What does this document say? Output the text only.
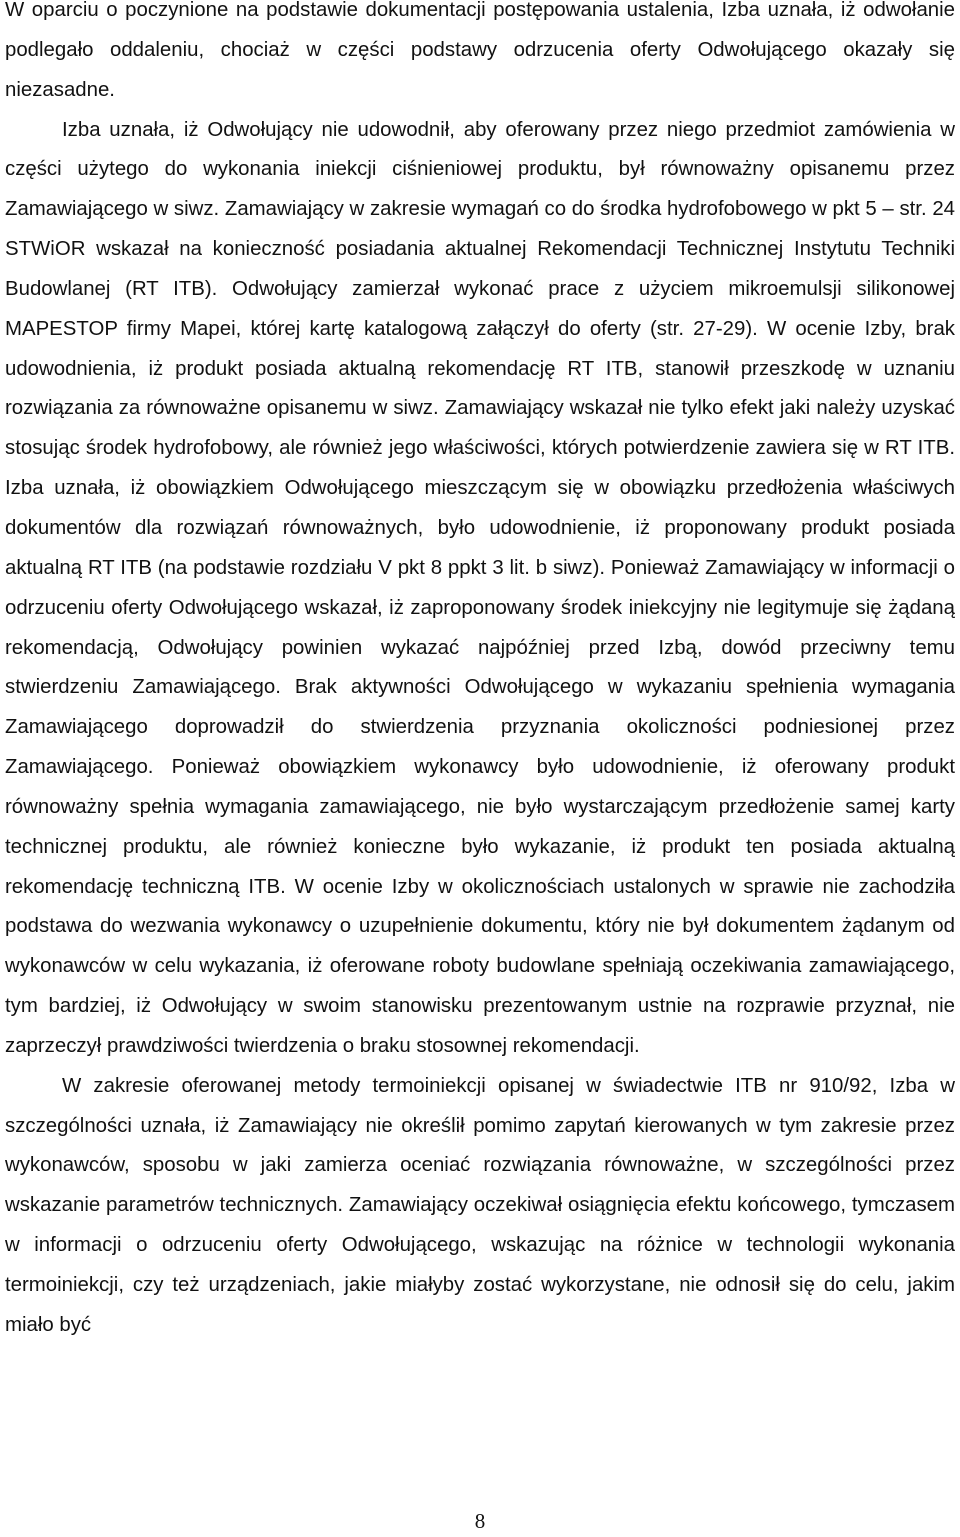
W oparciu o poczynione na podstawie dokumentacji postępowania ustalenia, Izba uznała, iż odwołanie podlegało oddaleniu, chociaż w części podstawy odrzucenia oferty Odwołującego okazały się niezasadne.

Izba uznała, iż Odwołujący nie udowodnił, aby oferowany przez niego przedmiot zamówienia w części użytego do wykonania iniekcji ciśnieniowej produktu, był równoważny opisanemu przez Zamawiającego w siwz. Zamawiający w zakresie wymagań co do środka hydrofobowego w pkt 5 – str. 24 STWiOR wskazał na konieczność posiadania aktualnej Rekomendacji Technicznej Instytutu Techniki Budowlanej (RT ITB). Odwołujący zamierzał wykonać prace z użyciem mikroemulsji silikonowej MAPESTOP firmy Mapei, której kartę katalogową załączył do oferty (str. 27-29). W ocenie Izby, brak udowodnienia, iż produkt posiada aktualną rekomendację RT ITB, stanowił przeszkodę w uznaniu rozwiązania za równoważne opisanemu w siwz. Zamawiający wskazał nie tylko efekt jaki należy uzyskać stosując środek hydrofobowy, ale również jego właściwości, których potwierdzenie zawiera się w RT ITB. Izba uznała, iż obowiązkiem Odwołującego mieszczącym się w obowiązku przedłożenia właściwych dokumentów dla rozwiązań równoważnych, było udowodnienie, iż proponowany produkt posiada aktualną RT ITB (na podstawie rozdziału V pkt 8 ppkt 3 lit. b siwz). Ponieważ Zamawiający w informacji o odrzuceniu oferty Odwołującego wskazał, iż zaproponowany środek iniekcyjny nie legitymuje się żądaną rekomendacją, Odwołujący powinien wykazać najpóźniej przed Izbą, dowód przeciwny temu stwierdzeniu Zamawiającego. Brak aktywności Odwołującego w wykazaniu spełnienia wymagania Zamawiającego doprowadził do stwierdzenia przyznania okoliczności podniesionej przez Zamawiającego. Ponieważ obowiązkiem wykonawcy było udowodnienie, iż oferowany produkt równoważny spełnia wymagania zamawiającego, nie było wystarczającym przedłożenie samej karty technicznej produktu, ale również konieczne było wykazanie, iż produkt ten posiada aktualną rekomendację techniczną ITB. W ocenie Izby w okolicznościach ustalonych w sprawie nie zachodziła podstawa do wezwania wykonawcy o uzupełnienie dokumentu, który nie był dokumentem żądanym od wykonawców w celu wykazania, iż oferowane roboty budowlane spełniają oczekiwania zamawiającego, tym bardziej, iż Odwołujący w swoim stanowisku prezentowanym ustnie na rozprawie przyznał, nie zaprzeczył prawdziwości twierdzenia o braku stosownej rekomendacji.

W zakresie oferowanej metody termoiniekcji opisanej w świadectwie ITB nr 910/92, Izba w szczególności uznała, iż Zamawiający nie określił pomimo zapytań kierowanych w tym zakresie przez wykonawców, sposobu w jaki zamierza oceniać rozwiązania równoważne, w szczególności przez wskazanie parametrów technicznych. Zamawiający oczekiwał osiągnięcia efektu końcowego, tymczasem w informacji o odrzuceniu oferty Odwołującego, wskazując na różnice w technologii wykonania termoiniekcji, czy też urządzeniach, jakie miałyby zostać wykorzystane, nie odnosił się do celu, jakim miało być

8
